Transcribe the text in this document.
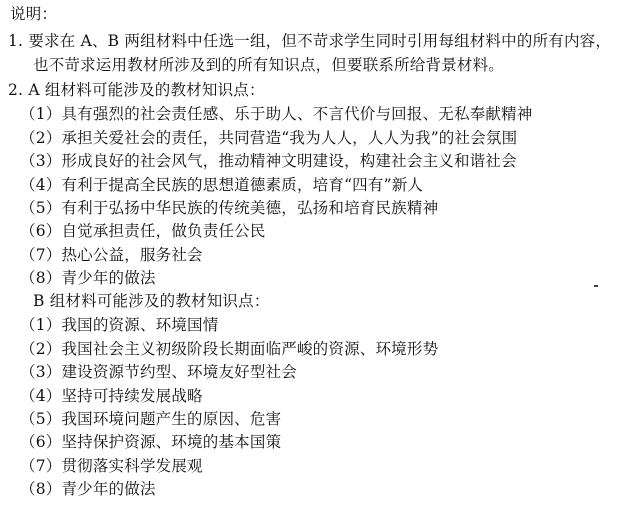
说明：
1. 要求在 A、B 两组材料中任选一组，但不苛求学生同时引用每组材料中的所有内容，
也不苛求运用教材所涉及到的所有知识点，但要联系所给背景材料。
2. A 组材料可能涉及的教材知识点：
（1）具有强烈的社会责任感、乐于助人、不言代价与回报、无私奉献精神
（2）承担关爱社会的责任，共同营造“我为人人，人人为我”的社会氛围
（3）形成良好的社会风气，推动精神文明建设，构建社会主义和谐社会
（4）有利于提高全民族的思想道德素质，培育“四有”新人
（5）有利于弘扬中华民族的传统美德，弘扬和培育民族精神
（6）自觉承担责任，做负责任公民
（7）热心公益，服务社会
（8）青少年的做法
B 组材料可能涉及的教材知识点：
（1）我国的资源、环境国情
（2）我国社会主义初级阶段长期面临严峻的资源、环境形势
（3）建设资源节约型、环境友好型社会
（4）坚持可持续发展战略
（5）我国环境问题产生的原因、危害
（6）坚持保护资源、环境的基本国策
（7）贯彻落实科学发展观
（8）青少年的做法
